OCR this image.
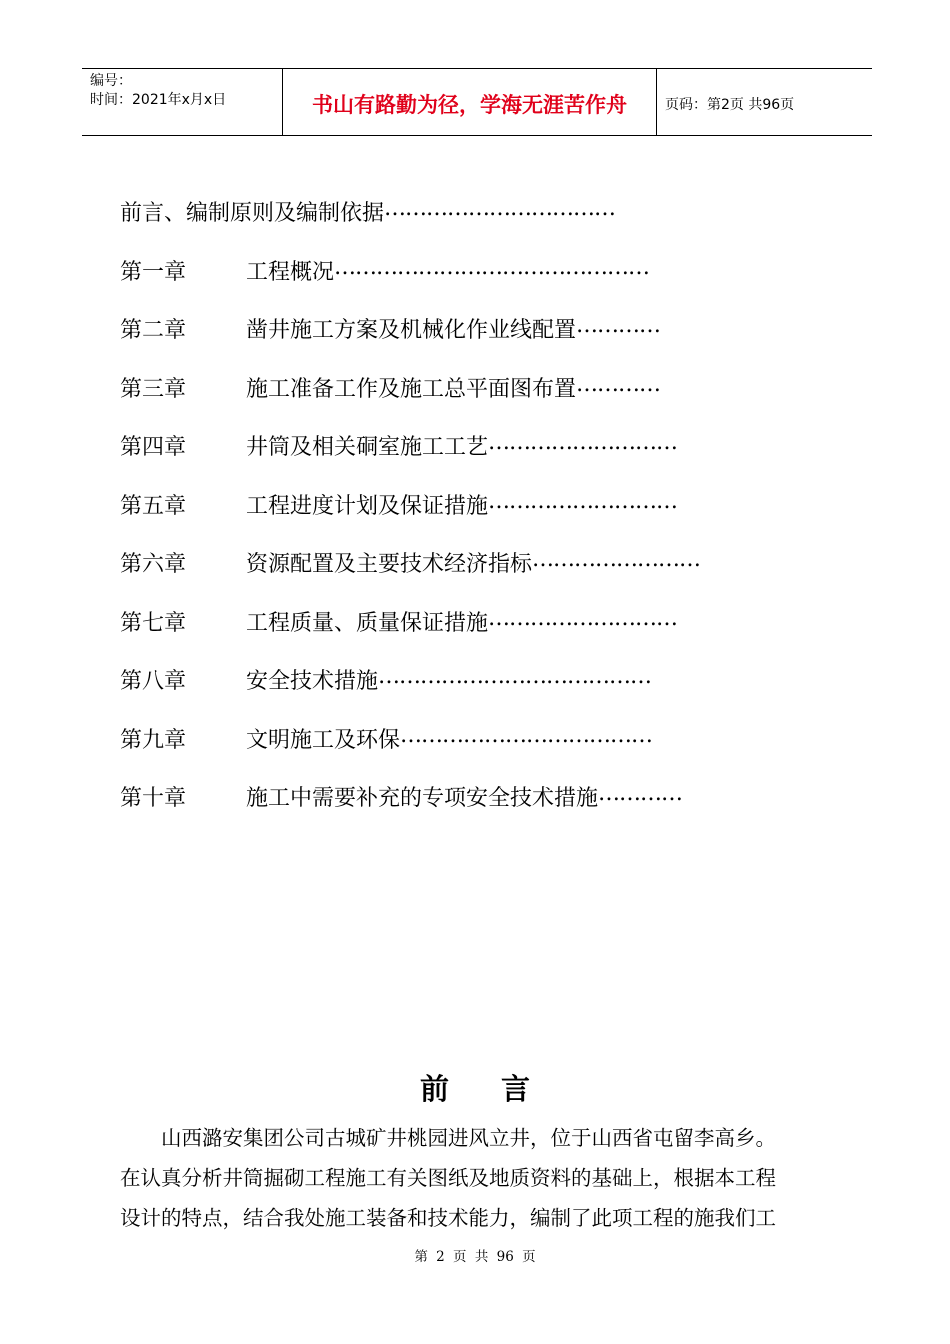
编号：
时间：2021年x月x日	书山有路勤为径，学海无涯苦作舟	页码：第2页 共96页
前言、编制原则及编制依据 ……………………………
第一章	工程概况 ………………………………………
第二章	凿井施工方案及机械化作业线配置 …………
第三章	施工准备工作及施工总平面图布置 …………
第四章	井筒及相关硐室施工工艺 ………………………
第五章	工程进度计划及保证措施 ………………………
第六章	资源配置及主要技术经济指标 ……………………
第七章	工程质量、质量保证措施 ………………………
第八章	安全技术措施 …………………………………
第九章	文明施工及环保 ………………………………
第十章	施工中需要补充的专项安全技术措施 …………
前言
山西潞安集团公司古城矿井桃园进风立井，位于山西省屯留李高乡。
在认真分析井筒掘砌工程施工有关图纸及地质资料的基础上，根据本工程
设计的特点，结合我处施工装备和技术能力，编制了此项工程的施我们工
第 2 页 共 96 页
